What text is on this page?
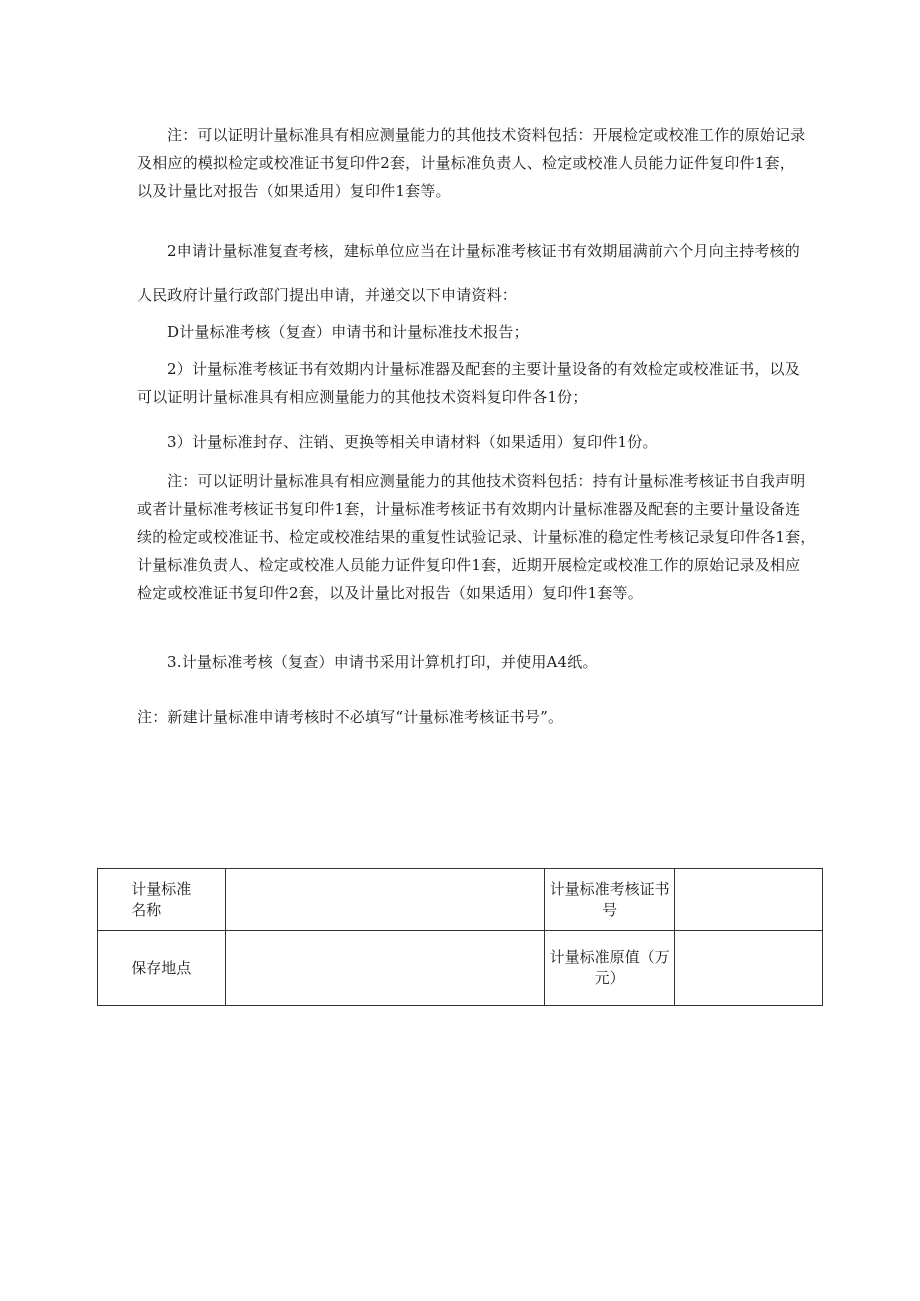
注：可以证明计量标准具有相应测量能力的其他技术资料包括：开展检定或校准工作的原始记录
及相应的模拟检定或校准证书复印件2套，计量标准负责人、检定或校准人员能力证件复印件1套，
以及计量比对报告（如果适用）复印件1套等。
2申请计量标准复查考核，建标单位应当在计量标准考核证书有效期届满前六个月向主持考核的
人民政府计量行政部门提出申请，并递交以下申请资料：
D计量标准考核（复查）申请书和计量标准技术报告；
2）计量标准考核证书有效期内计量标准器及配套的主要计量设备的有效检定或校准证书，以及
可以证明计量标准具有相应测量能力的其他技术资料复印件各1份；
3）计量标准封存、注销、更换等相关申请材料（如果适用）复印件1份。
注：可以证明计量标准具有相应测量能力的其他技术资料包括：持有计量标准考核证书自我声明
或者计量标准考核证书复印件1套，计量标准考核证书有效期内计量标准器及配套的主要计量设备连
续的检定或校准证书、检定或校准结果的重复性试验记录、计量标准的稳定性考核记录复印件各1套，
计量标准负责人、检定或校准人员能力证件复印件1套，近期开展检定或校准工作的原始记录及相应
检定或校准证书复印件2套，以及计量比对报告（如果适用）复印件1套等。
3.计量标准考核（复查）申请书采用计算机打印，并使用A4纸。
注：新建计量标准申请考核时不必填写“计量标准考核证书号”。
计量标准
名称		计量标准考核证书
号	

保存地点		计量标准原值（万
元）	
